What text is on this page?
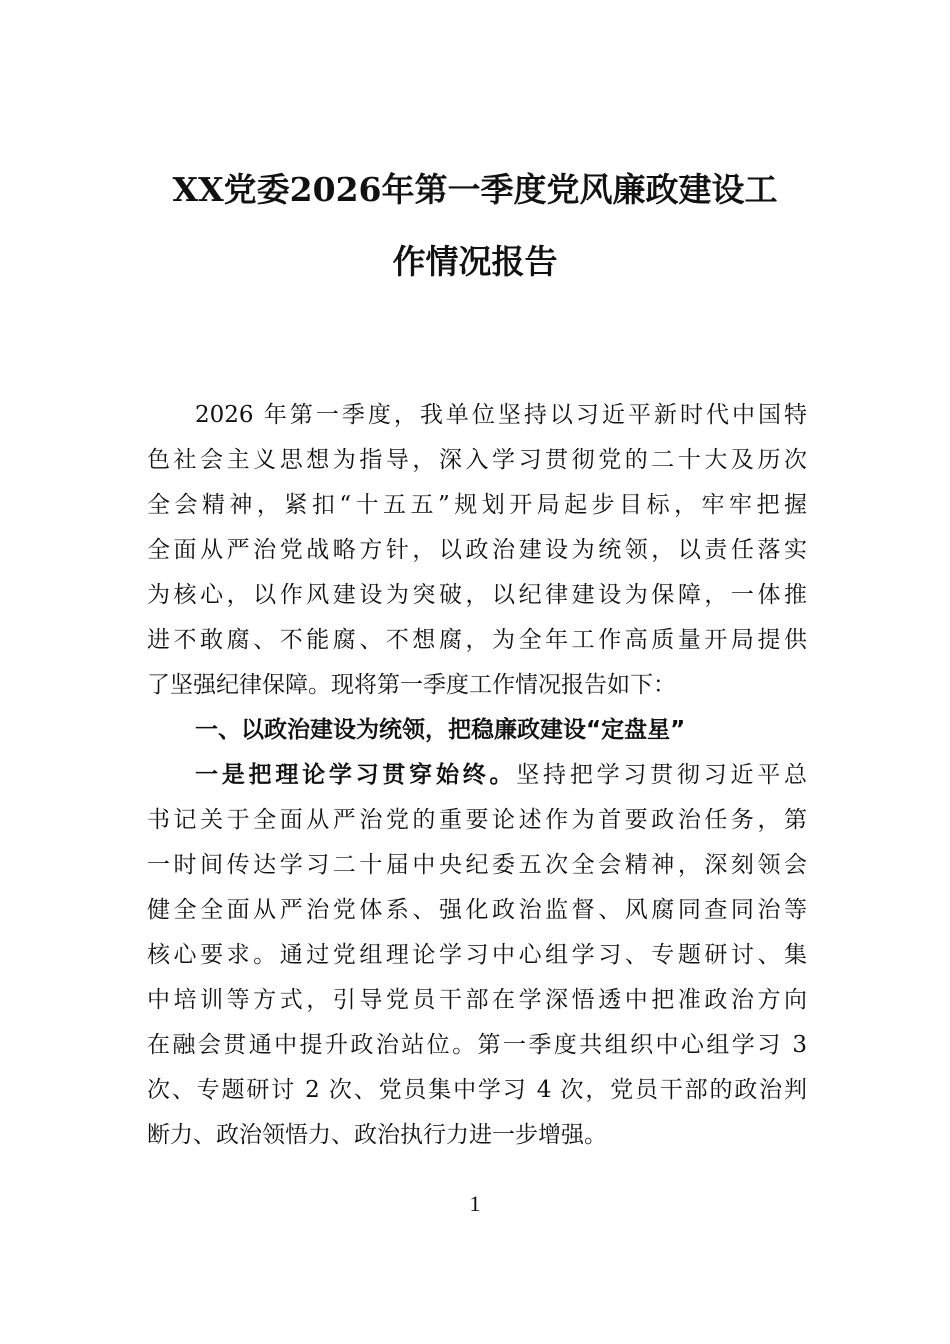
XX党委2026年第一季度党风廉政建设工
作情况报告
2026 年第一季度，我单位坚持以习近平新时代中国特
色社会主义思想为指导，深入学习贯彻党的二十大及历次
全会精神，紧扣“十五五”规划开局起步目标，牢牢把握
全面从严治党战略方针，以政治建设为统领，以责任落实
为核心，以作风建设为突破，以纪律建设为保障，一体推
进不敢腐、不能腐、不想腐，为全年工作高质量开局提供
了坚强纪律保障。现将第一季度工作情况报告如下：
一、以政治建设为统领，把稳廉政建设“定盘星”
一是把理论学习贯穿始终。坚持把学习贯彻习近平总
书记关于全面从严治党的重要论述作为首要政治任务，第
一时间传达学习二十届中央纪委五次全会精神，深刻领会
健全全面从严治党体系、强化政治监督、风腐同查同治等
核心要求。通过党组理论学习中心组学习、专题研讨、集
中培训等方式，引导党员干部在学深悟透中把准政治方向
在融会贯通中提升政治站位。第一季度共组织中心组学习 3
次、专题研讨 2 次、党员集中学习 4 次，党员干部的政治判
断力、政治领悟力、政治执行力进一步增强。
1
